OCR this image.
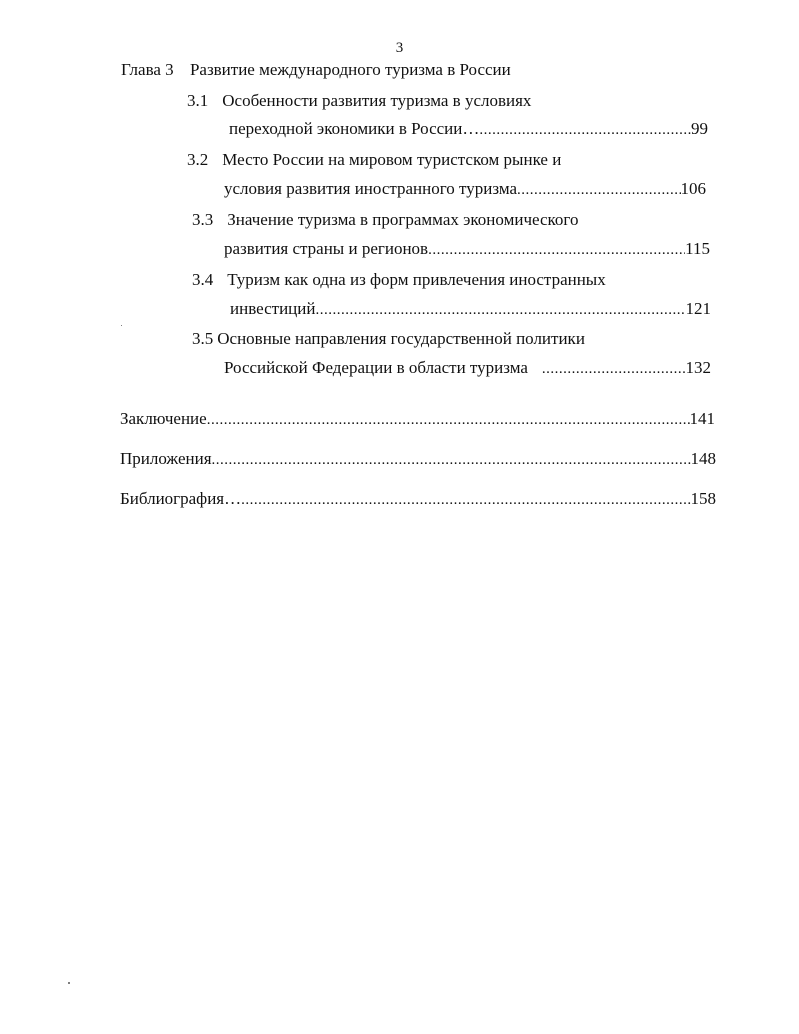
3
Глава 3 Развитие международного туризма в России
3.1 Особенности развития туризма в условиях
переходной экономики в России… .....	99
3.2 Место России на мировом туристском рынке и
условия развития иностранного туризма .....	106
3.3 Значение туризма в программах экономического
развития страны и регионов .....	115
3.4 Туризм как одна из форм привлечения иностранных
инвестиций .....	121
3.5 Основные направления государственной политики
Российской Федерации в области туризма .....	132
Заключение .....	141
Приложения .....	148
Библиография… .....	158
